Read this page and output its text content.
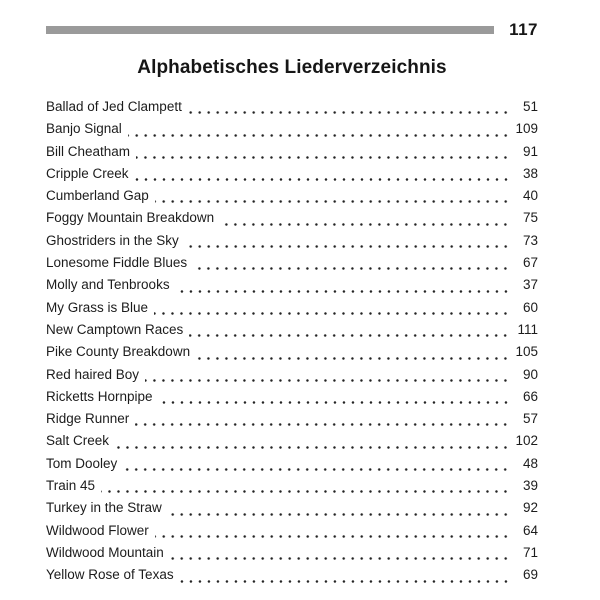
117
Alphabetisches Liederverzeichnis
Ballad of Jed Clampett	51
Banjo Signal	109
Bill Cheatham	91
Cripple Creek	38
Cumberland Gap	40
Foggy Mountain Breakdown	75
Ghostriders in the Sky	73
Lonesome Fiddle Blues	67
Molly and Tenbrooks	37
My Grass is Blue	60
New Camptown Races	111
Pike County Breakdown	105
Red haired Boy	90
Ricketts Hornpipe	66
Ridge Runner	57
Salt Creek	102
Tom Dooley	48
Train 45	39
Turkey in the Straw	92
Wildwood Flower	64
Wildwood Mountain	71
Yellow Rose of Texas	69
